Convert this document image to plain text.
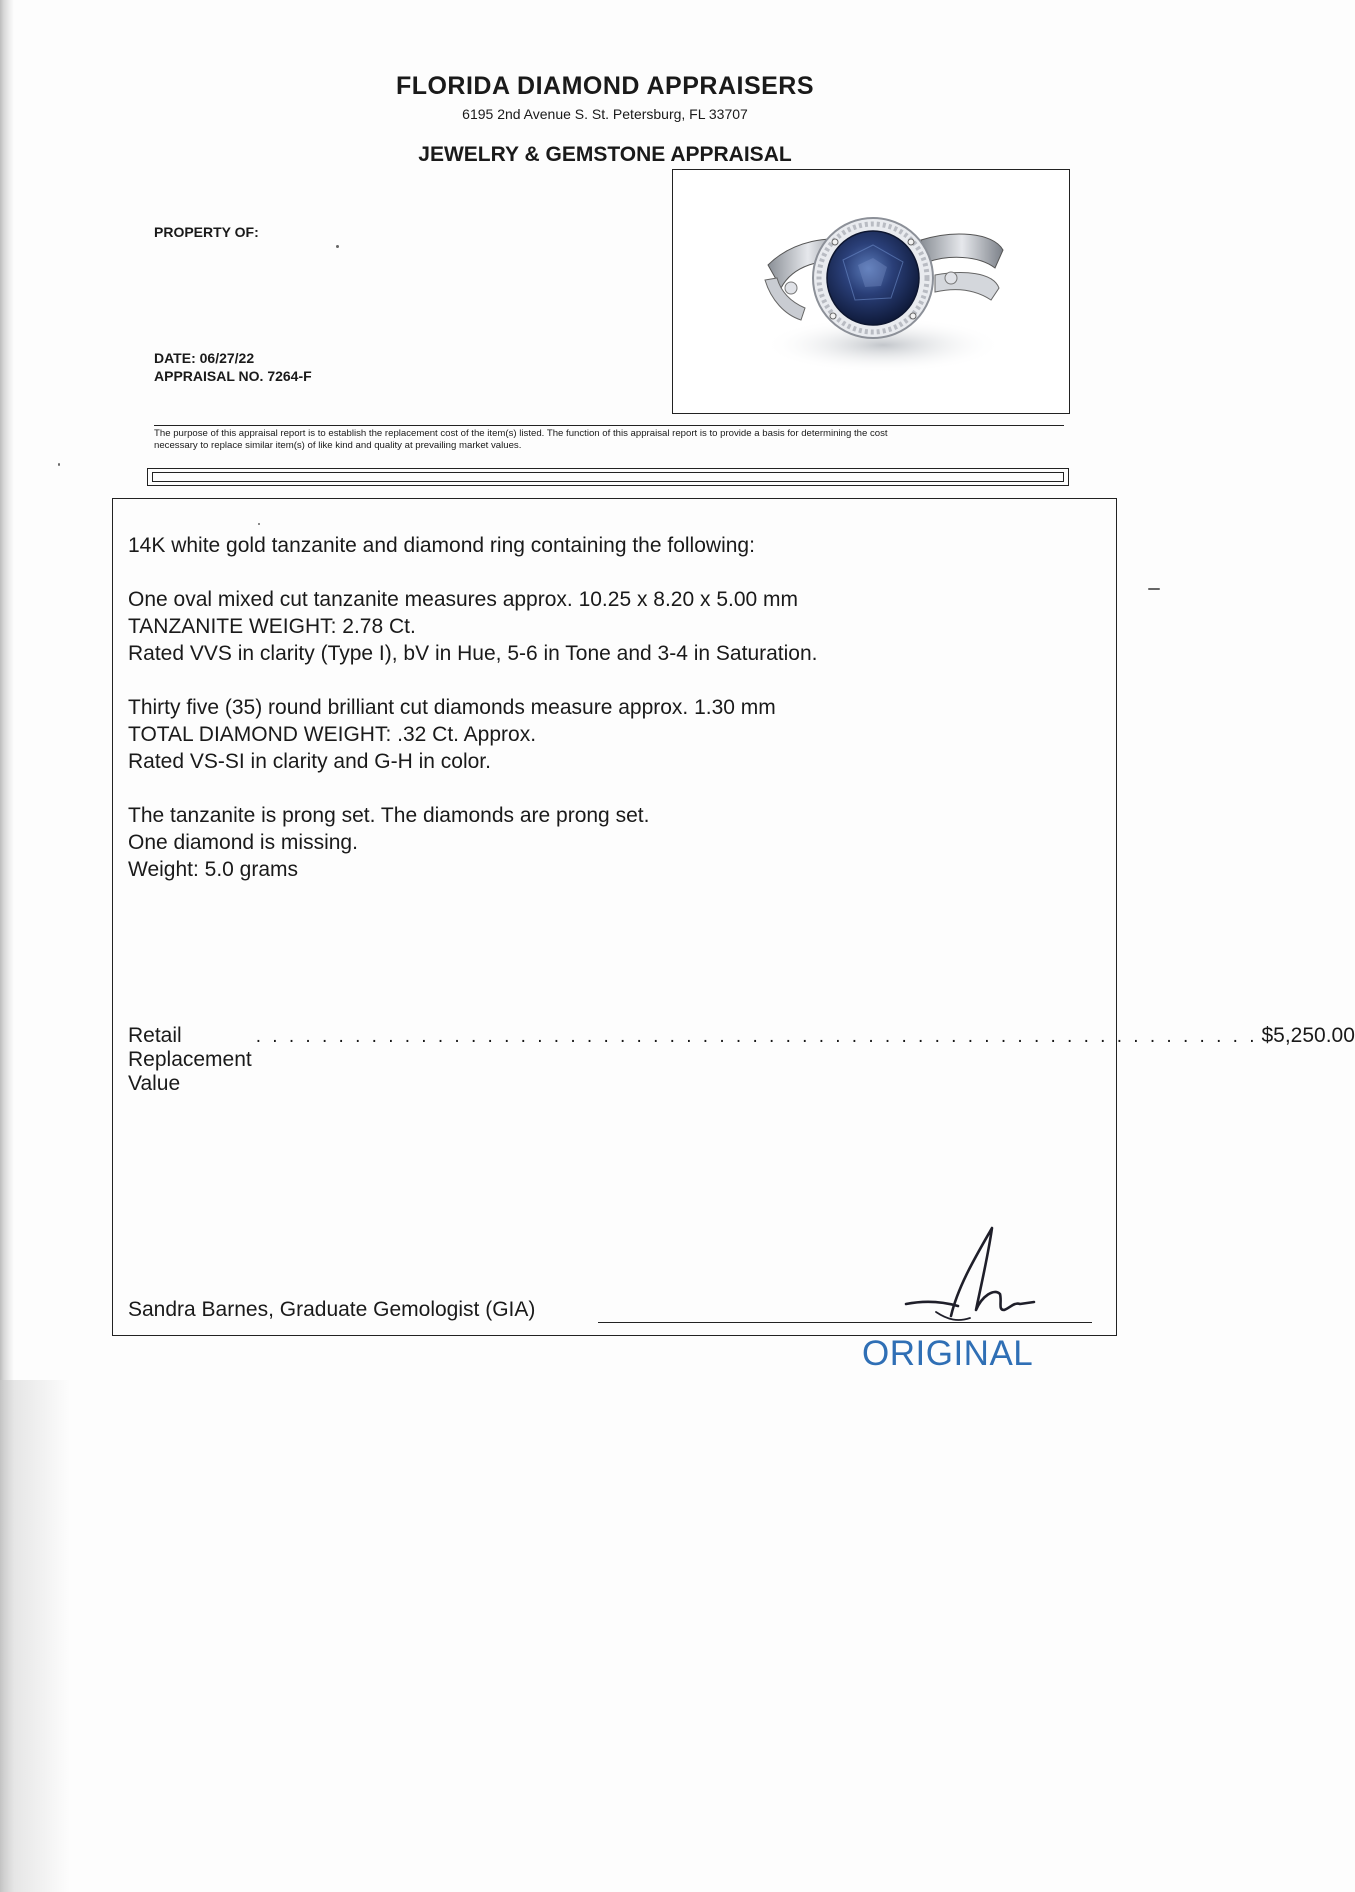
FLORIDA DIAMOND APPRAISERS
6195 2nd Avenue S. St. Petersburg, FL 33707
JEWELRY & GEMSTONE APPRAISAL
PROPERTY OF:
DATE: 06/27/22
APPRAISAL NO. 7264-F
The purpose of this appraisal report is to establish the replacement cost of the item(s) listed. The function of this appraisal report is to provide a basis for determining the cost
necessary to replace similar item(s) of like kind and quality at prevailing market values.
14K white gold tanzanite and diamond ring containing the following:
One oval mixed cut tanzanite measures approx. 10.25 x 8.20 x 5.00 mm
TANZANITE WEIGHT: 2.78 Ct.
Rated VVS in clarity (Type I), bV in Hue, 5-6 in Tone and 3-4 in Saturation.
Thirty five (35) round brilliant cut diamonds measure approx. 1.30 mm
TOTAL DIAMOND WEIGHT: .32 Ct. Approx.
Rated VS-SI in clarity and G-H in color.
The tanzanite is prong set. The diamonds are prong set.
One diamond is missing.
Weight: 5.0 grams
Retail Replacement Value
. . . . . . . . . . . . . . . . . . . . . . . . . . . . . . . . . . . . . . . . . . . . . . . . . . . . . . . . . . . . . $5,250.00
Sandra Barnes, Graduate Gemologist (GIA)
ORIGINAL
